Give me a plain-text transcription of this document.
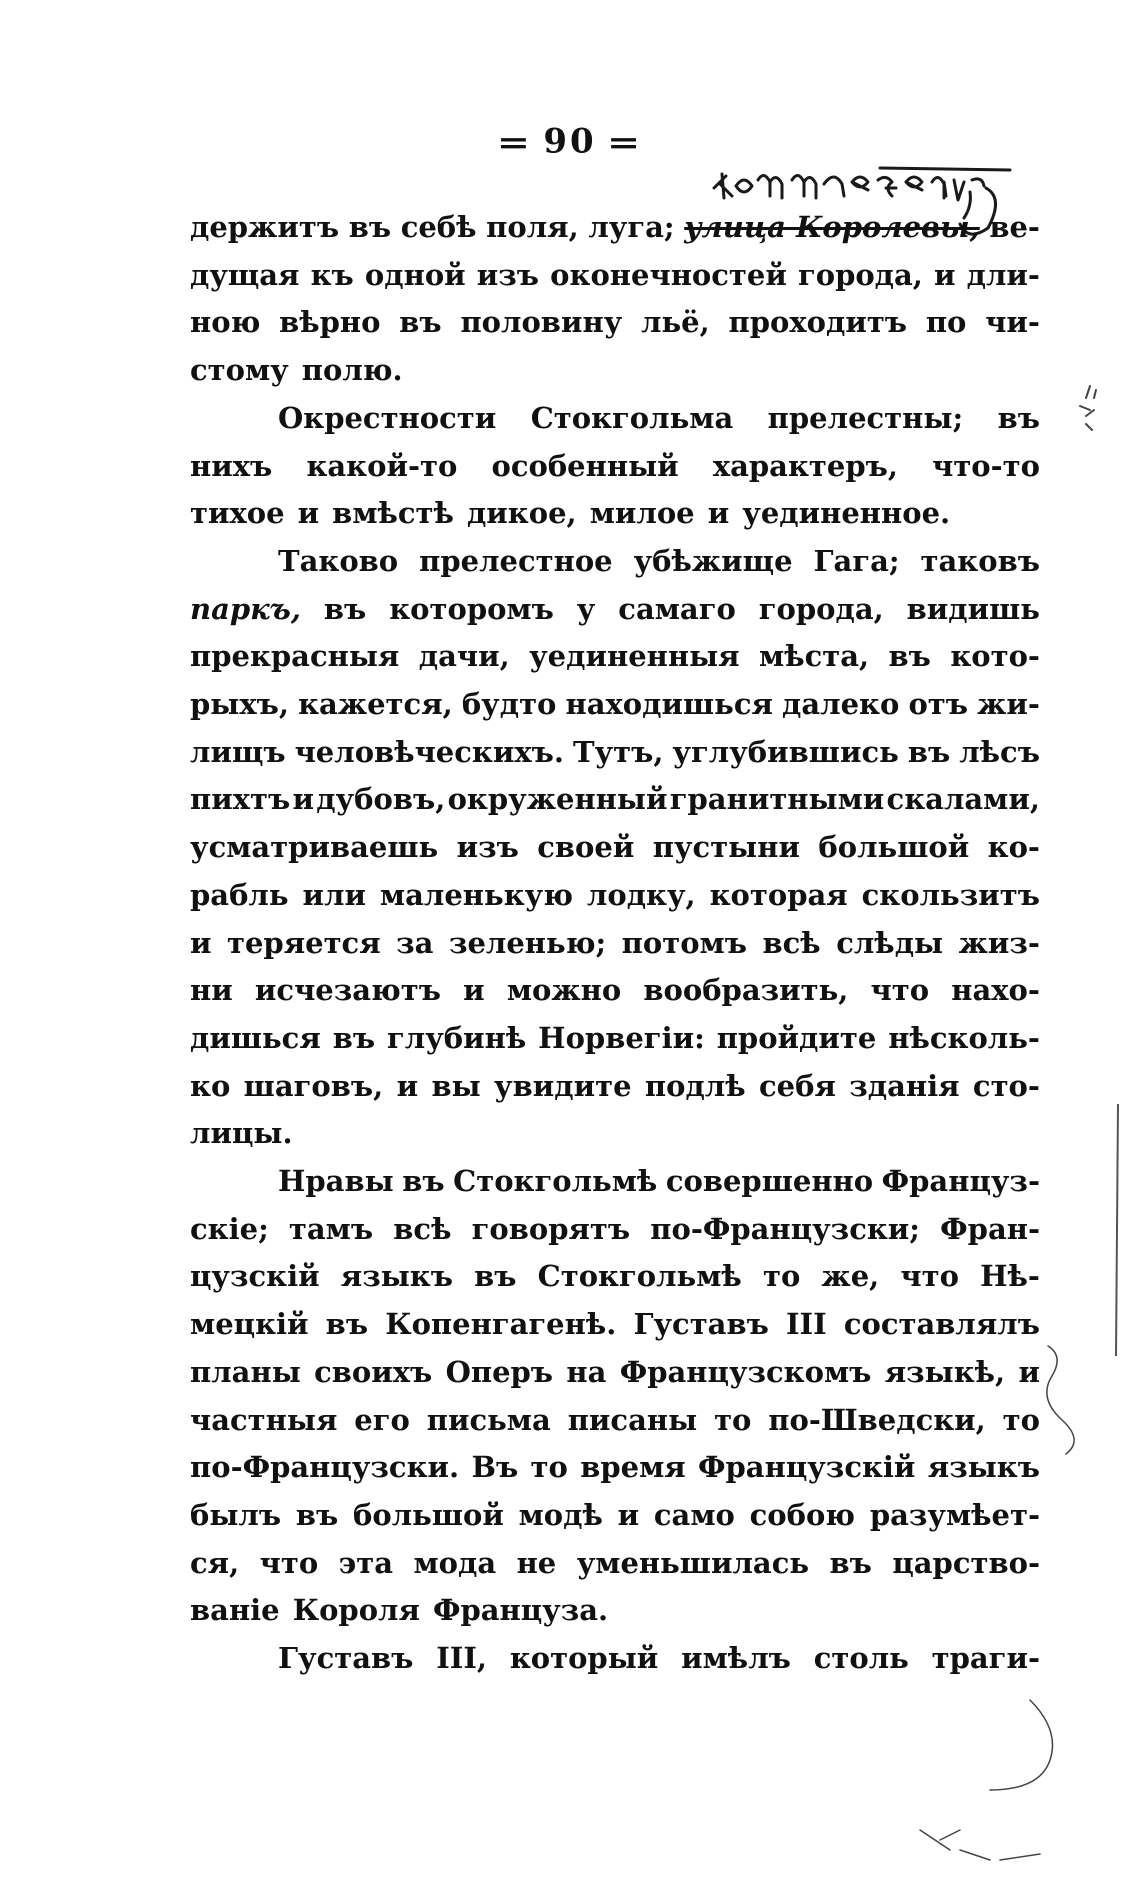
═ 90 ═
держитъ въ себѣ поля, луга; улица Королевы, ве-
дущая къ одной изъ оконечностей города, и дли-
ною вѣрно въ половину льё, проходитъ по чи-
стому полю.
Окрестности Стокгольма прелестны; въ
нихъ какой-то особенный характеръ, что-то
тихое и вмѣстѣ дикое, милое и уединенное.
Таково прелестное убѣжище Гага; таковъ
паркъ, въ которомъ у самаго города, видишь
прекрасныя дачи, уединенныя мѣста, въ кото-
рыхъ, кажется, будто находишься далеко отъ жи-
лищъ человѣческихъ. Тутъ, углубившись въ лѣсъ
пихтъ и дубовъ, окруженный гранитными скалами,
усматриваешь изъ своей пустыни большой ко-
рабль или маленькую лодку, которая скользитъ
и теряется за зеленью; потомъ всѣ слѣды жиз-
ни исчезаютъ и можно вообразить, что нахо-
дишься въ глубинѣ Норвегіи: пройдите нѣсколь-
ко шаговъ, и вы увидите подлѣ себя зданія сто-
лицы.
Нравы въ Стокгольмѣ совершенно Француз-
скіе; тамъ всѣ говорятъ по-Французски; Фран-
цузскій языкъ въ Стокгольмѣ то же, что Нѣ-
мецкій въ Копенгагенѣ. Густавъ III составлялъ
планы своихъ Оперъ на Французскомъ языкѣ, и
частныя его письма писаны то по-Шведски, то
по-Французски. Въ то время Французскій языкъ
былъ въ большой модѣ и само собою разумѣет-
ся, что эта мода не уменьшилась въ царство-
ваніе Короля Француза.
Густавъ III, который имѣлъ столь траги-
